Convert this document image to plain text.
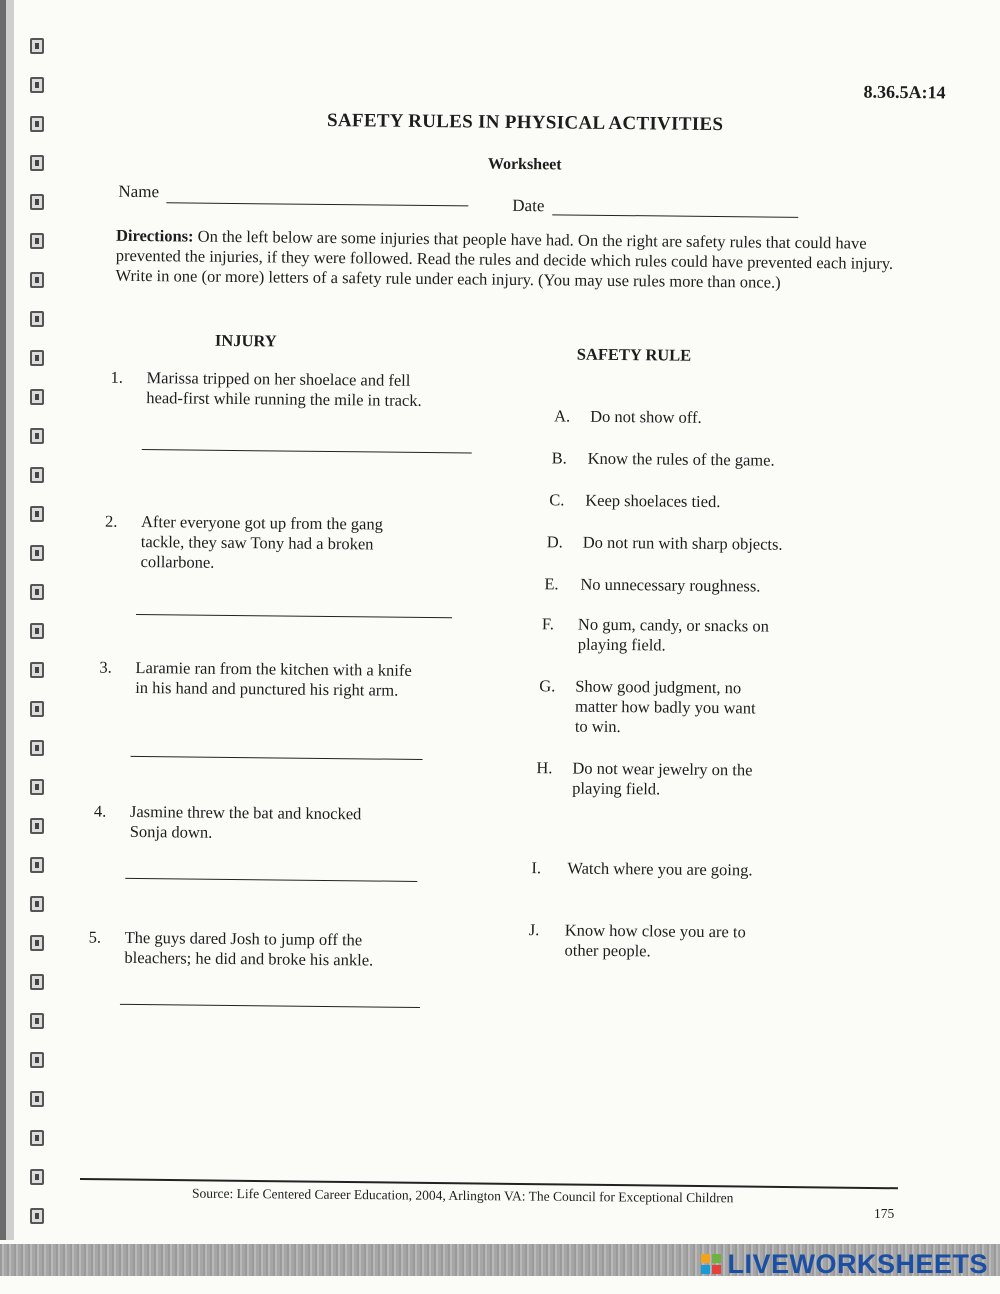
8.36.5A:14
SAFETY RULES IN PHYSICAL ACTIVITIES
Worksheet
Name
Date
Directions: On the left below are some injuries that people have had. On the right are safety rules that could have prevented the injuries, if they were followed. Read the rules and decide which rules could have prevented each injury. Write in one (or more) letters of a safety rule under each injury. (You may use rules more than once.)
INJURY
SAFETY RULE
1. Marissa tripped on her shoelace and fell
head-first while running the mile in track.
2. After everyone got up from the gang
tackle, they saw Tony had a broken
collarbone.
3. Laramie ran from the kitchen with a knife
in his hand and punctured his right arm.
4. Jasmine threw the bat and knocked
Sonja down.
5. The guys dared Josh to jump off the
bleachers; he did and broke his ankle.
A. Do not show off.
B. Know the rules of the game.
C. Keep shoelaces tied.
D. Do not run with sharp objects.
E. No unnecessary roughness.
F. No gum, candy, or snacks on
playing field.
G. Show good judgment, no
matter how badly you want
to win.
H. Do not wear jewelry on the
playing field.
I. Watch where you are going.
J. Know how close you are to
other people.
Source: Life Centered Career Education, 2004, Arlington VA: The Council for Exceptional Children
175
LIVEWORKSHEETS
